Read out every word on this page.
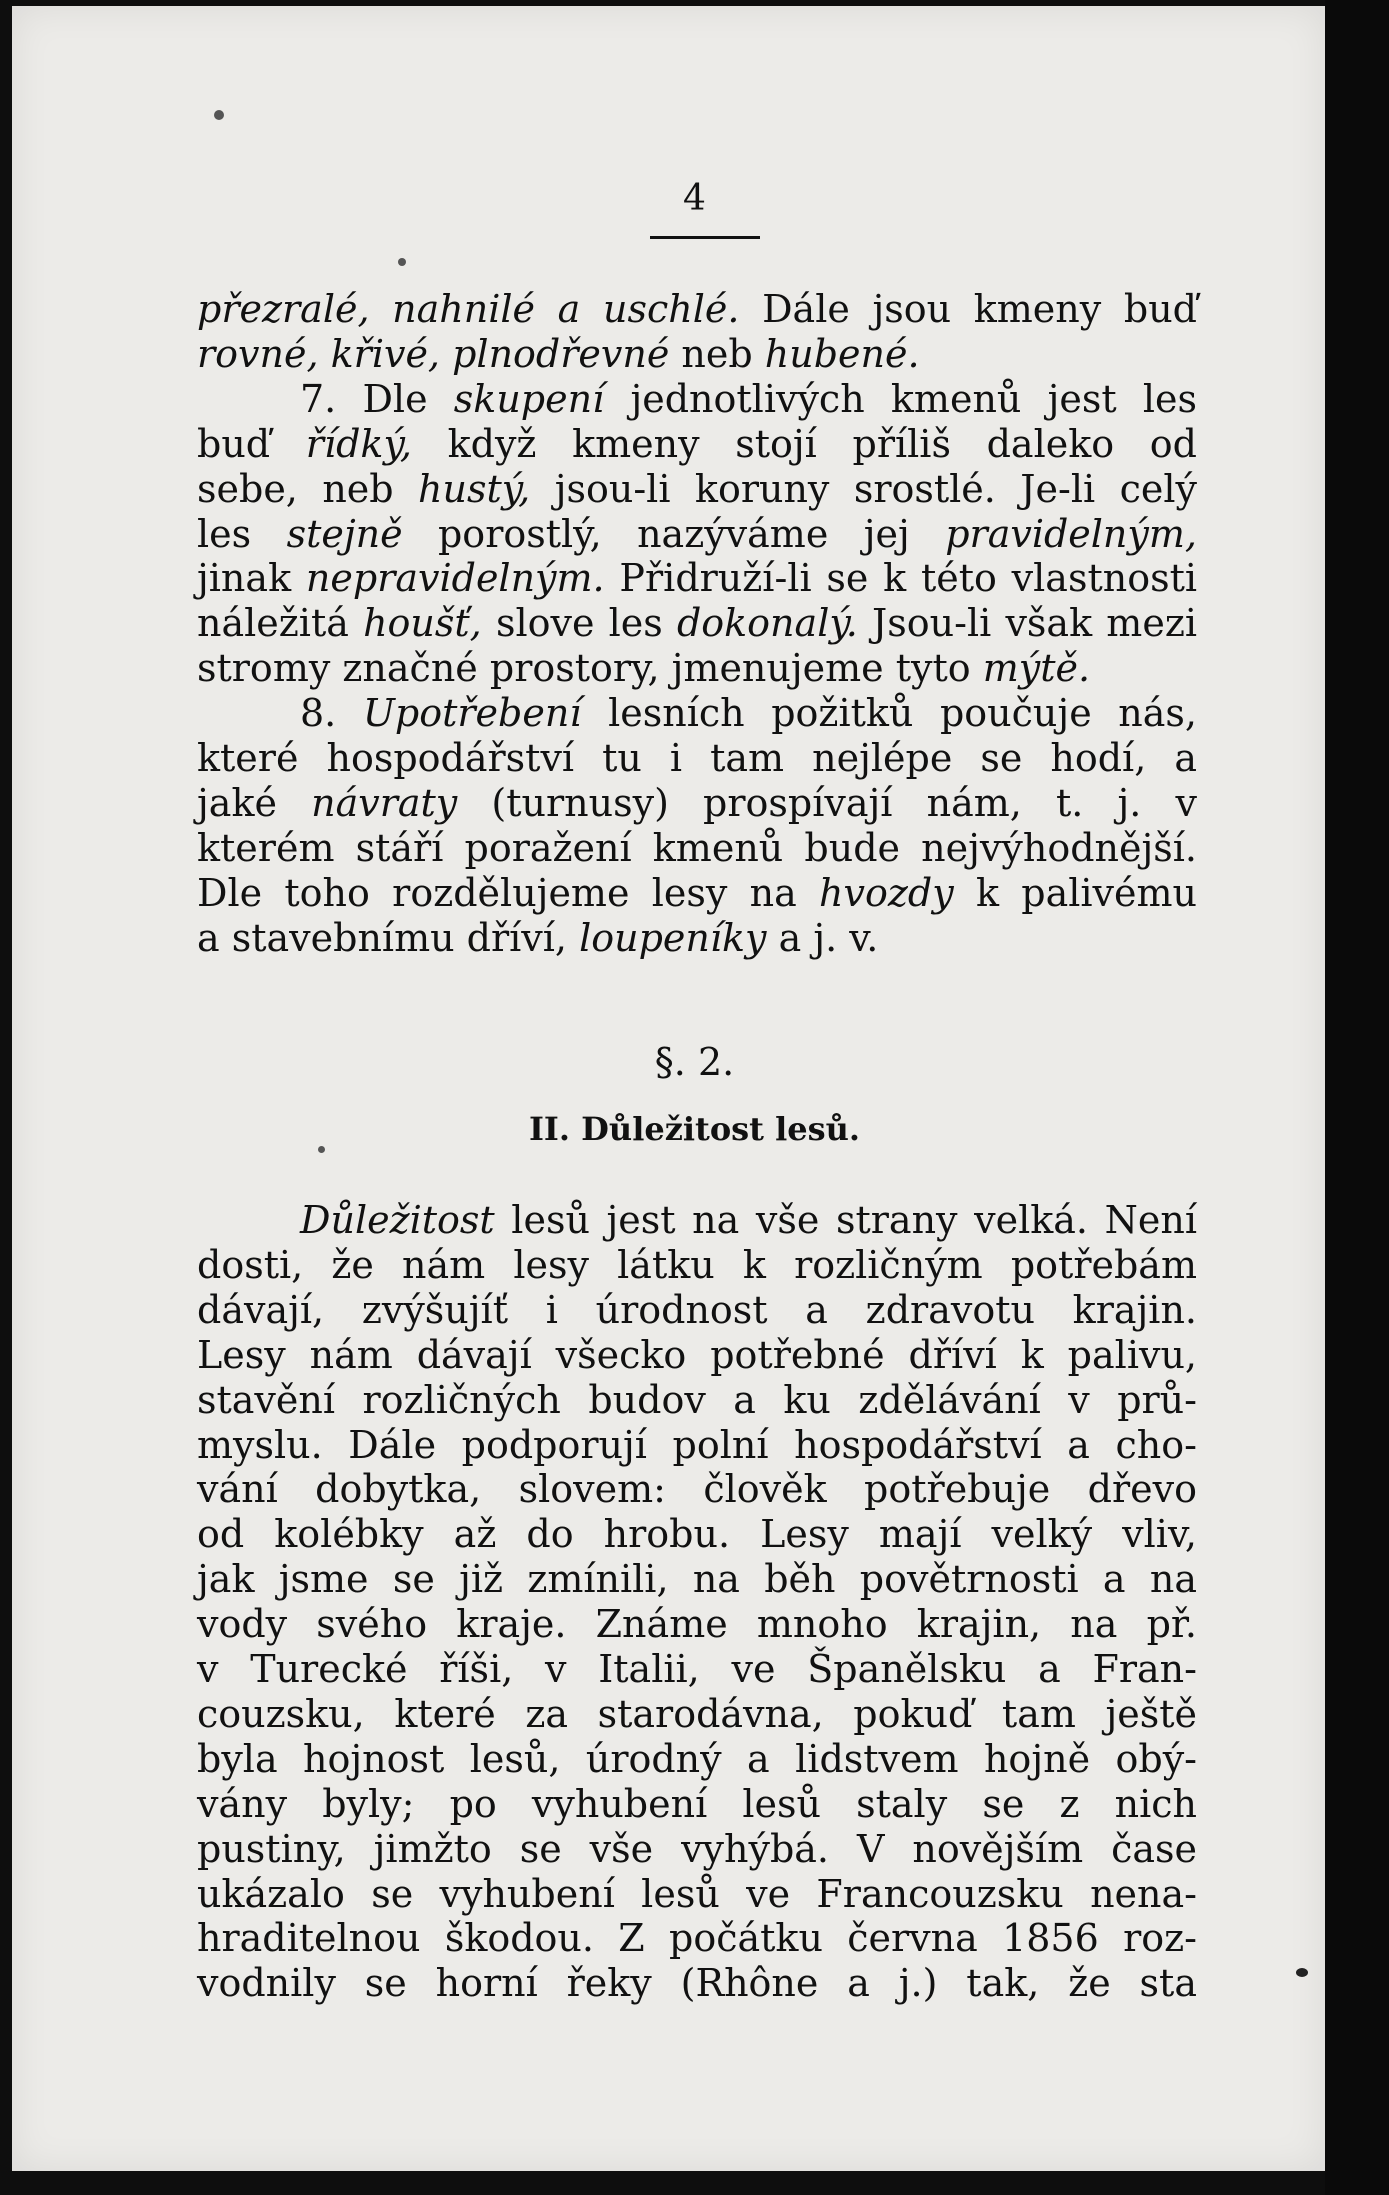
4
přezralé, nahnilé a uschlé. Dále jsou kmeny buď
rovné, křivé, plnodřevné neb hubené.
7. Dle skupení jednotlivých kmenů jest les
buď řídký, když kmeny stojí příliš daleko od
sebe, neb hustý, jsou-li koruny srostlé. Je-li celý
les stejně porostlý, nazýváme jej pravidelným,
jinak nepravidelným. Přidruží-li se k této vlastnosti
náležitá houšť, slove les dokonalý. Jsou-li však mezi
stromy značné prostory, jmenujeme tyto mýtě.
8. Upotřebení lesních požitků poučuje nás,
které hospodářství tu i tam nejlépe se hodí, a
jaké návraty (turnusy) prospívají nám, t. j. v
kterém stáří poražení kmenů bude nejvýhodnější.
Dle toho rozdělujeme lesy na hvozdy k palivému
a stavebnímu dříví, loupeníky a j. v.
§. 2.
II. Důležitost lesů.
Důležitost lesů jest na vše strany velká. Není
dosti, že nám lesy látku k rozličným potřebám
dávají, zvýšujíť i úrodnost a zdravotu krajin.
Lesy nám dávají všecko potřebné dříví k palivu,
stavění rozličných budov a ku zdělávání v prů-
myslu. Dále podporují polní hospodářství a cho-
vání dobytka, slovem: člověk potřebuje dřevo
od kolébky až do hrobu. Lesy mají velký vliv,
jak jsme se již zmínili, na běh povětrnosti a na
vody svého kraje. Známe mnoho krajin, na př.
v Turecké říši, v Italii, ve Španělsku a Fran-
couzsku, které za starodávna, pokuď tam ještě
byla hojnost lesů, úrodný a lidstvem hojně obý-
vány byly; po vyhubení lesů staly se z nich
pustiny, jimžto se vše vyhýbá. V novějším čase
ukázalo se vyhubení lesů ve Francouzsku nena-
hraditelnou škodou. Z počátku června 1856 roz-
vodnily se horní řeky (Rhône a j.) tak, že sta
